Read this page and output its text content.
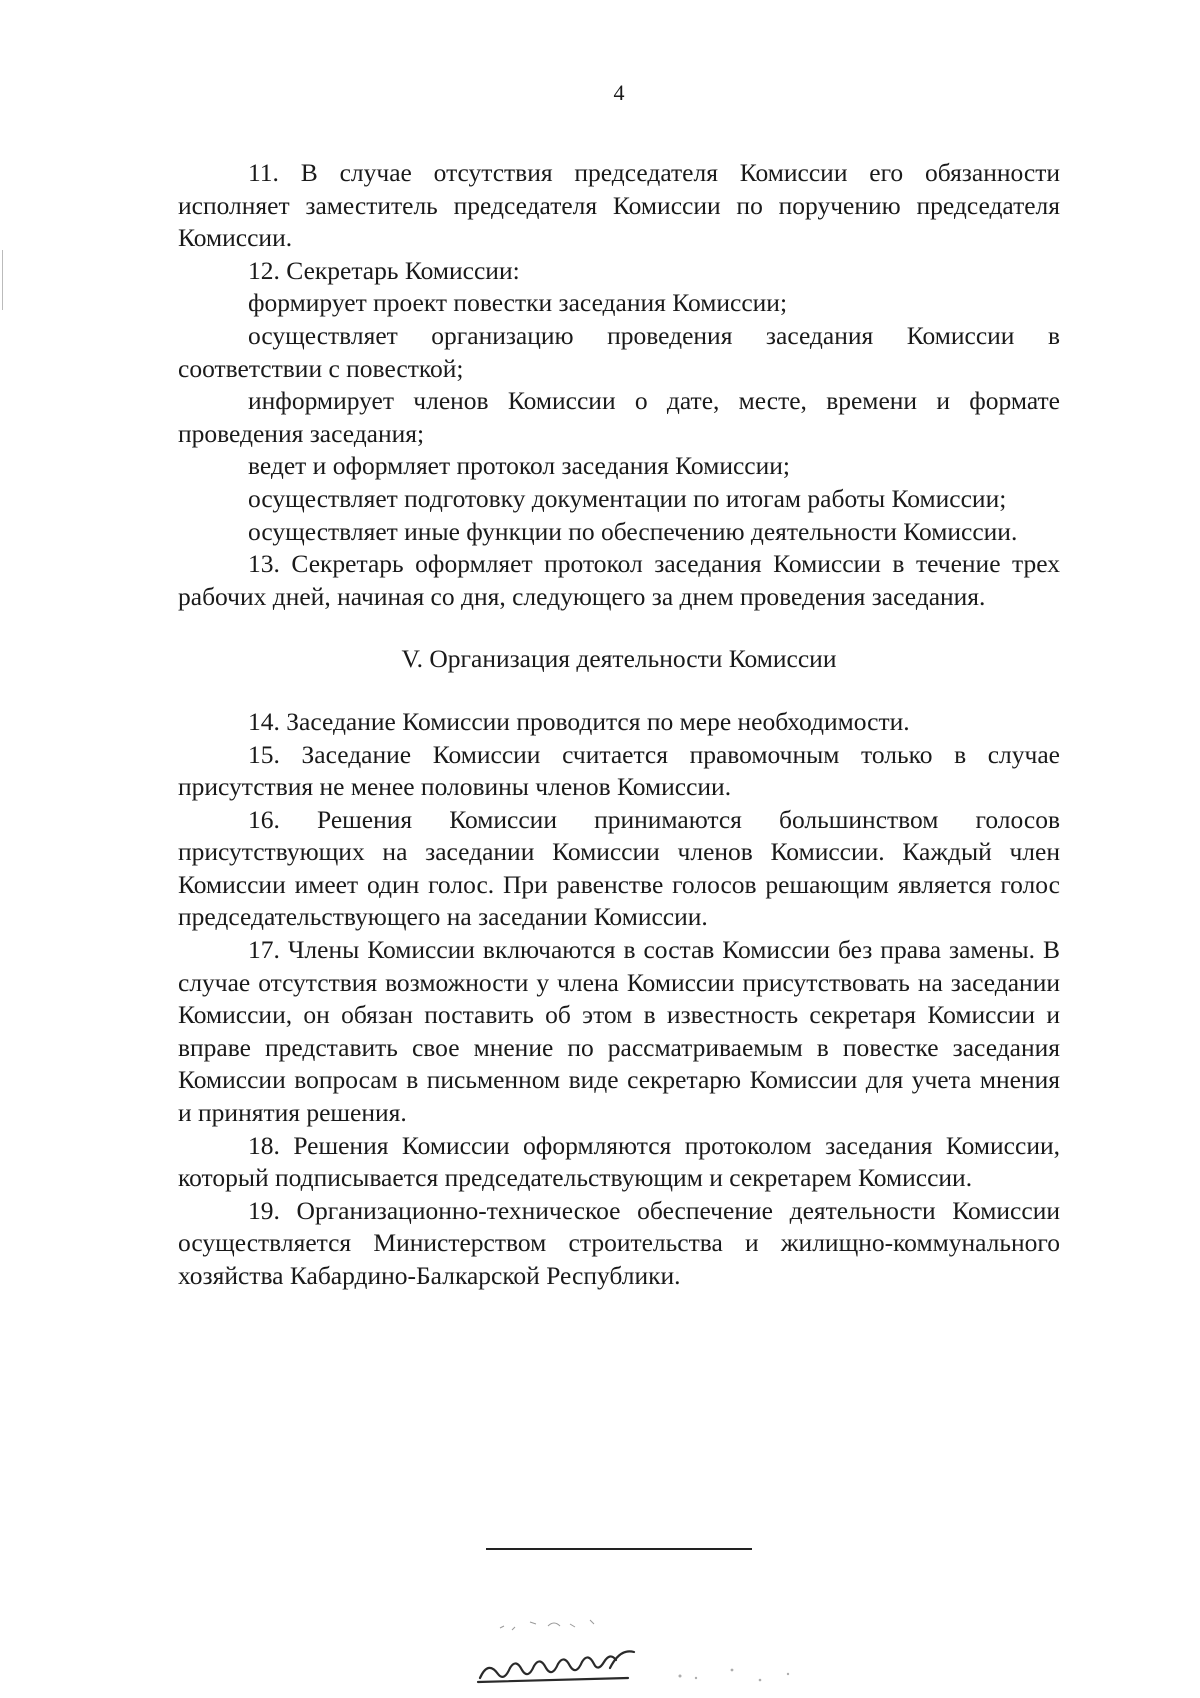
4

11. В случае отсутствия председателя Комиссии его обязанности исполняет заместитель председателя Комиссии по поручению председателя Комиссии.

12. Секретарь Комиссии:

формирует проект повестки заседания Комиссии;

осуществляет организацию проведения заседания Комиссии в соответствии с повесткой;

информирует членов Комиссии о дате, месте, времени и формате проведения заседания;

ведет и оформляет протокол заседания Комиссии;

осуществляет подготовку документации по итогам работы Комиссии;

осуществляет иные функции по обеспечению деятельности Комиссии.

13. Секретарь оформляет протокол заседания Комиссии в течение трех рабочих дней, начиная со дня, следующего за днем проведения заседания.

V. Организация деятельности Комиссии

14. Заседание Комиссии проводится по мере необходимости.

15. Заседание Комиссии считается правомочным только в случае присутствия не менее половины членов Комиссии.

16. Решения Комиссии принимаются большинством голосов присутствующих на заседании Комиссии членов Комиссии. Каждый член Комиссии имеет один голос. При равенстве голосов решающим является голос председательствующего на заседании Комиссии.

17. Члены Комиссии включаются в состав Комиссии без права замены. В случае отсутствия возможности у члена Комиссии присутствовать на заседании Комиссии, он обязан поставить об этом в известность секретаря Комиссии и вправе представить свое мнение по рассматриваемым в повестке заседания Комиссии вопросам в письменном виде секретарю Комиссии для учета мнения и принятия решения.

18. Решения Комиссии оформляются протоколом заседания Комиссии, который подписывается председательствующим и секретарем Комиссии.

19. Организационно-техническое обеспечение деятельности Комиссии осуществляется Министерством строительства и жилищно-коммунального хозяйства Кабардино-Балкарской Республики.
